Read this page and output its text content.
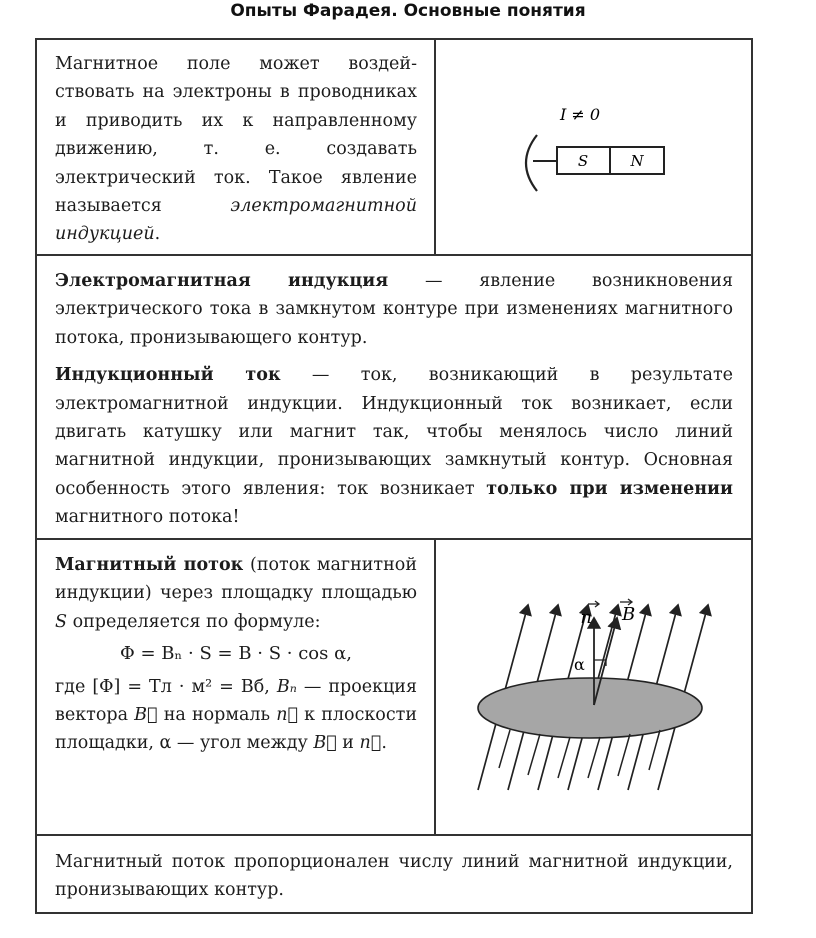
Опыты Фарадея. Основные понятия

Магнитное поле может воздействовать на электроны в проводниках и приводить их к направленному движению, т. е. создавать электрический ток. Такое явление называется электромагнитной индукцией.

I ≠ 0
S	N

Электромагнитная индукция — явление возникновения электрического тока в замкнутом контуре при изменениях магнитного потока, пронизывающего контур.

Индукционный ток — ток, возникающий в результате электромагнитной индукции. Индукционный ток возникает, если двигать катушку или магнит так, чтобы менялось число линий магнитной индукции, пронизывающих замкнутый контур. Основная особенность этого явления: ток возникает только при изменении магнитного потока!

Магнитный поток (поток магнитной индукции) через площадку площадью S определяется по формуле:

Φ = Bₙ · S = B · S · cos α,

где [Φ] = Тл · м² = Вб, Bₙ — проекция вектора B⃗ на нормаль n⃗ к плоскости площадки, α — угол между B⃗ и n⃗.

n B
α

Магнитный поток пропорционален числу линий магнитной индукции, пронизывающих контур.
